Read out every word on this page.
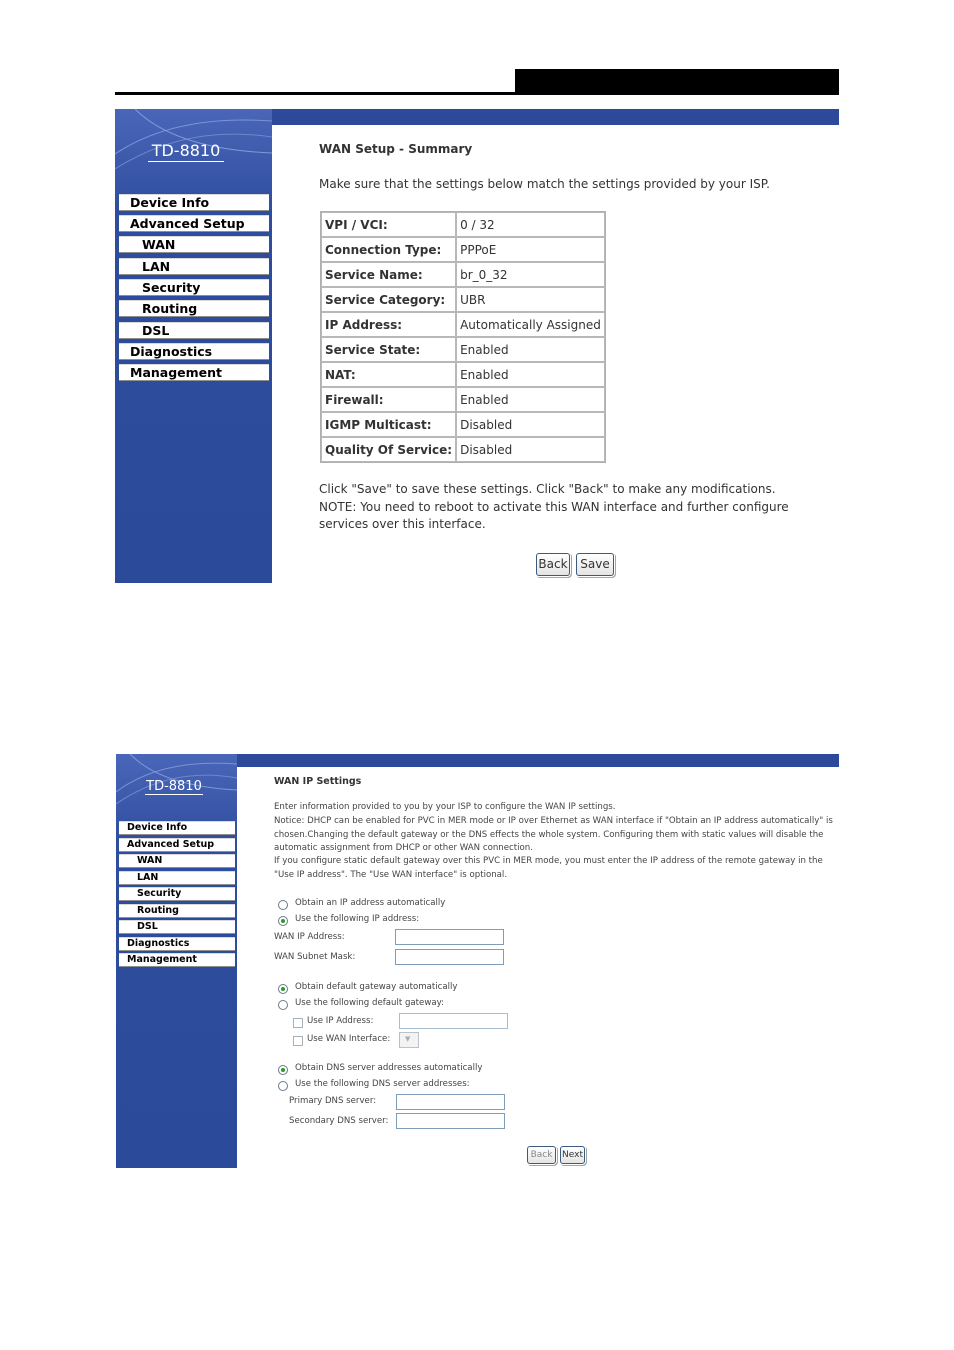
TD-8810
Device Info
Advanced Setup
WAN
LAN
Security
Routing
DSL
Diagnostics
Management
WAN Setup - Summary
Make sure that the settings below match the settings provided by your ISP.
VPI / VCI:	0 / 32
Connection Type:	PPPoE
Service Name:	br_0_32
Service Category:	UBR
IP Address:	Automatically Assigned
Service State:	Enabled
NAT:	Enabled
Firewall:	Enabled
IGMP Multicast:	Disabled
Quality Of Service:	Disabled
Click "Save" to save these settings. Click "Back" to make any modifications.
NOTE: You need to reboot to activate this WAN interface and further configure services over this interface.
Back	Save
TD-8810
Device Info
Advanced Setup
WAN
LAN
Security
Routing
DSL
Diagnostics
Management
WAN IP Settings
Enter information provided to you by your ISP to configure the WAN IP settings.
Notice: DHCP can be enabled for PVC in MER mode or IP over Ethernet as WAN interface if "Obtain an IP address automatically" is chosen.Changing the default gateway or the DNS effects the whole system. Configuring them with static values will disable the automatic assignment from DHCP or other WAN connection.
If you configure static default gateway over this PVC in MER mode, you must enter the IP address of the remote gateway in the "Use IP address". The "Use WAN interface" is optional.
Obtain an IP address automatically
Use the following IP address:
WAN IP Address:
WAN Subnet Mask:
Obtain default gateway automatically
Use the following default gateway:
Use IP Address:
Use WAN Interface:
▼
Obtain DNS server addresses automatically
Use the following DNS server addresses:
Primary DNS server:
Secondary DNS server:
Back	Next
